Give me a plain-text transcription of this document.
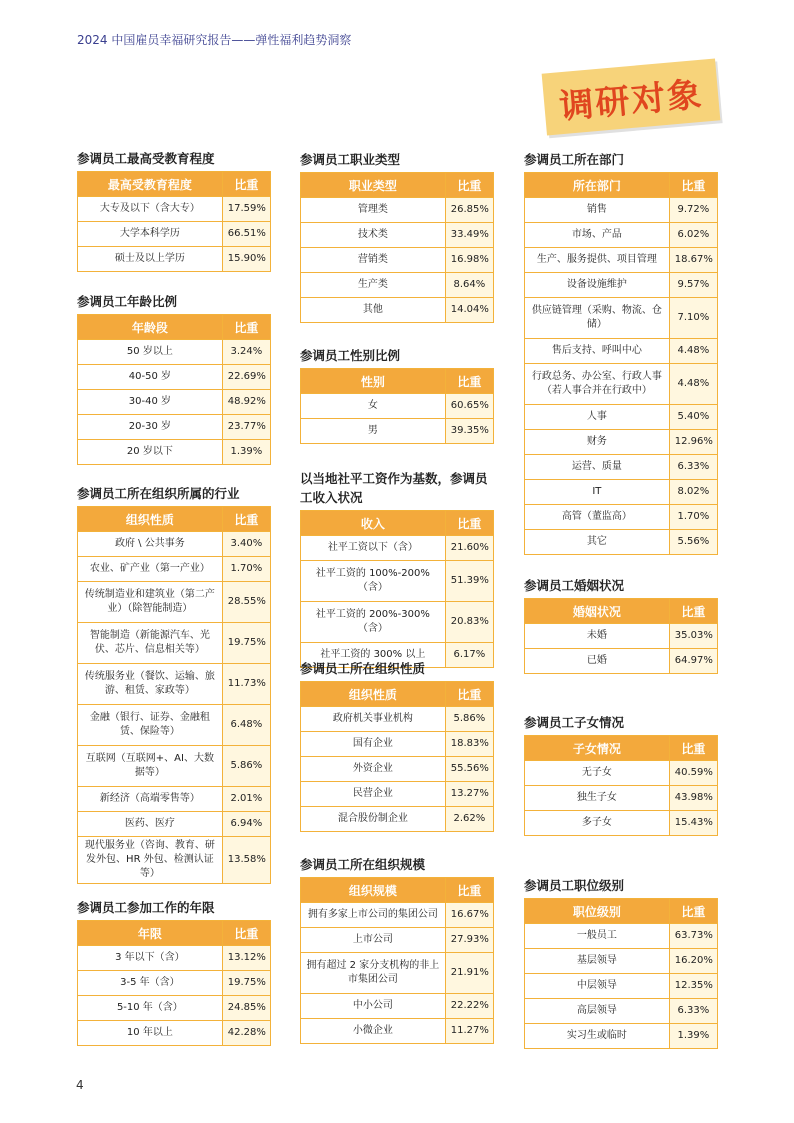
2024 中国雇员幸福研究报告——弹性福利趋势洞察
调研对象
参调员工最高受教育程度
最高受教育程度	比重
大专及以下（含大专）	17.59%
大学本科学历	66.51%
硕士及以上学历	15.90%
参调员工年龄比例
年龄段	比重
50 岁以上	3.24%
40-50 岁	22.69%
30-40 岁	48.92%
20-30 岁	23.77%
20 岁以下	1.39%
参调员工所在组织所属的行业
组织性质	比重
政府 \ 公共事务	3.40%
农业、矿产业（第一产业）	1.70%
传统制造业和建筑业（第二产业）（除智能制造）	28.55%
智能制造（新能源汽车、光伏、芯片、信息相关等）	19.75%
传统服务业（餐饮、运输、旅游、租赁、家政等）	11.73%
金融（银行、证券、金融租赁、保险等）	6.48%
互联网（互联网+、AI、大数据等）	5.86%
新经济（高端零售等）	2.01%
医药、医疗	6.94%
现代服务业（咨询、教育、研发外包、HR 外包、检测认证等）	13.58%
参调员工参加工作的年限
年限	比重
3 年以下（含）	13.12%
3-5 年（含）	19.75%
5-10 年（含）	24.85%
10 年以上	42.28%
参调员工职业类型
职业类型	比重
管理类	26.85%
技术类	33.49%
营销类	16.98%
生产类	8.64%
其他	14.04%
参调员工性别比例
性别	比重
女	60.65%
男	39.35%
以当地社平工资作为基数，参调员工收入状况
收入	比重
社平工资以下（含）	21.60%
社平工资的 100%-200%（含）	51.39%
社平工资的 200%-300%（含）	20.83%
社平工资的 300% 以上	6.17%
参调员工所在组织性质
组织性质	比重
政府机关事业机构	5.86%
国有企业	18.83%
外资企业	55.56%
民营企业	13.27%
混合股份制企业	2.62%
参调员工所在组织规模
组织规模	比重
拥有多家上市公司的集团公司	16.67%
上市公司	27.93%
拥有超过 2 家分支机构的非上市集团公司	21.91%
中小公司	22.22%
小微企业	11.27%
参调员工所在部门
所在部门	比重
销售	9.72%
市场、产品	6.02%
生产、服务提供、项目管理	18.67%
设备设施维护	9.57%
供应链管理（采购、物流、仓储）	7.10%
售后支持、呼叫中心	4.48%
行政总务、办公室、行政人事（若人事合并在行政中）	4.48%
人事	5.40%
财务	12.96%
运营、质量	6.33%
IT	8.02%
高管（董监高）	1.70%
其它	5.56%
参调员工婚姻状况
婚姻状况	比重
未婚	35.03%
已婚	64.97%
参调员工子女情况
子女情况	比重
无子女	40.59%
独生子女	43.98%
多子女	15.43%
参调员工职位级别
职位级别	比重
一般员工	63.73%
基层领导	16.20%
中层领导	12.35%
高层领导	6.33%
实习生或临时	1.39%
4
